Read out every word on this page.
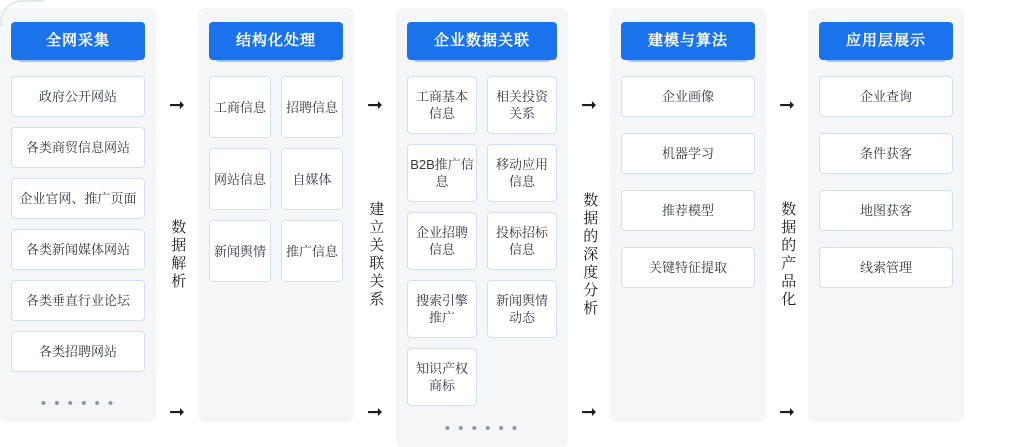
全网采集
政府公开网站
各类商贸信息网站
企业官网、推广页面
各类新闻媒体网站
各类垂直行业论坛
各类招聘网站
• • • • • •
➞
数据解析
➞
结构化处理
工商信息	招聘信息
网站信息	自媒体
新闻舆情	推广信息
➞
建立关联关系
➞
企业数据关联
工商基本信息
相关投资关系
B2B推广信息
移动应用信息
企业招聘信息
投标招标信息
搜索引擎推广
新闻舆情动态
知识产权商标
• • • • • •
➞
数据的深度分析
➞
建模与算法
企业画像
机器学习
推荐模型
关键特征提取
➞
数据的产品化
➞
应用层展示
企业查询
条件获客
地图获客
线索管理
